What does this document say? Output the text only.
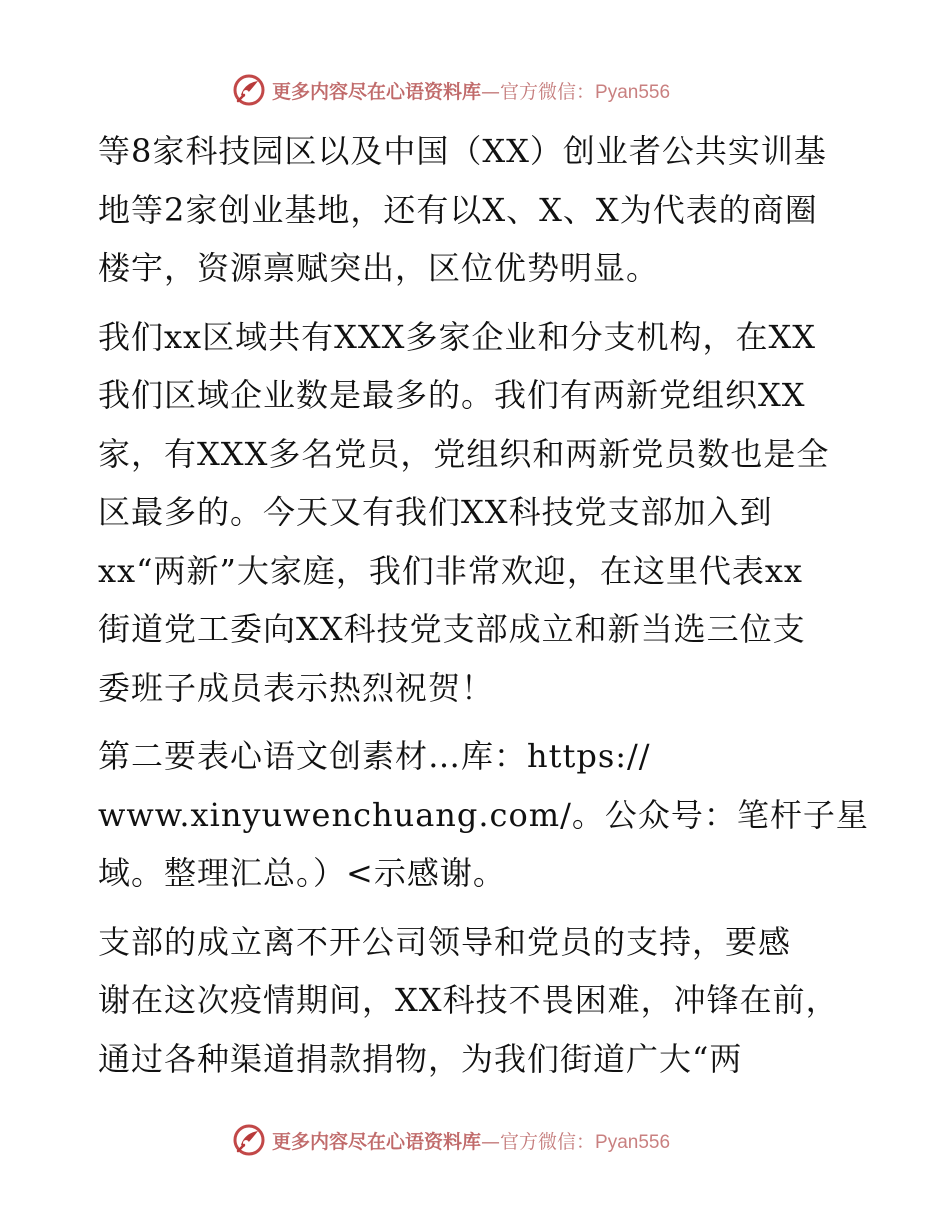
更多内容尽在心语资料库—官方微信：Pyan556
等8家科技园区以及中国（XX）创业者公共实训基
地等2家创业基地，还有以X、X、X为代表的商圈
楼宇，资源禀赋突出，区位优势明显。
我们xx区域共有XXX多家企业和分支机构，在XX
我们区域企业数是最多的。我们有两新党组织XX
家，有XXX多名党员，党组织和两新党员数也是全
区最多的。今天又有我们XX科技党支部加入到
xx“两新”大家庭，我们非常欢迎，在这里代表xx
街道党工委向XX科技党支部成立和新当选三位支
委班子成员表示热烈祝贺！
第二要表心语文创素材…库：https://
www.xinyuwenchuang.com/。公众号：笔杆子星
域。整理汇总。）<示感谢。
支部的成立离不开公司领导和党员的支持，要感
谢在这次疫情期间，XX科技不畏困难，冲锋在前，
通过各种渠道捐款捐物，为我们街道广大“两
更多内容尽在心语资料库—官方微信：Pyan556
